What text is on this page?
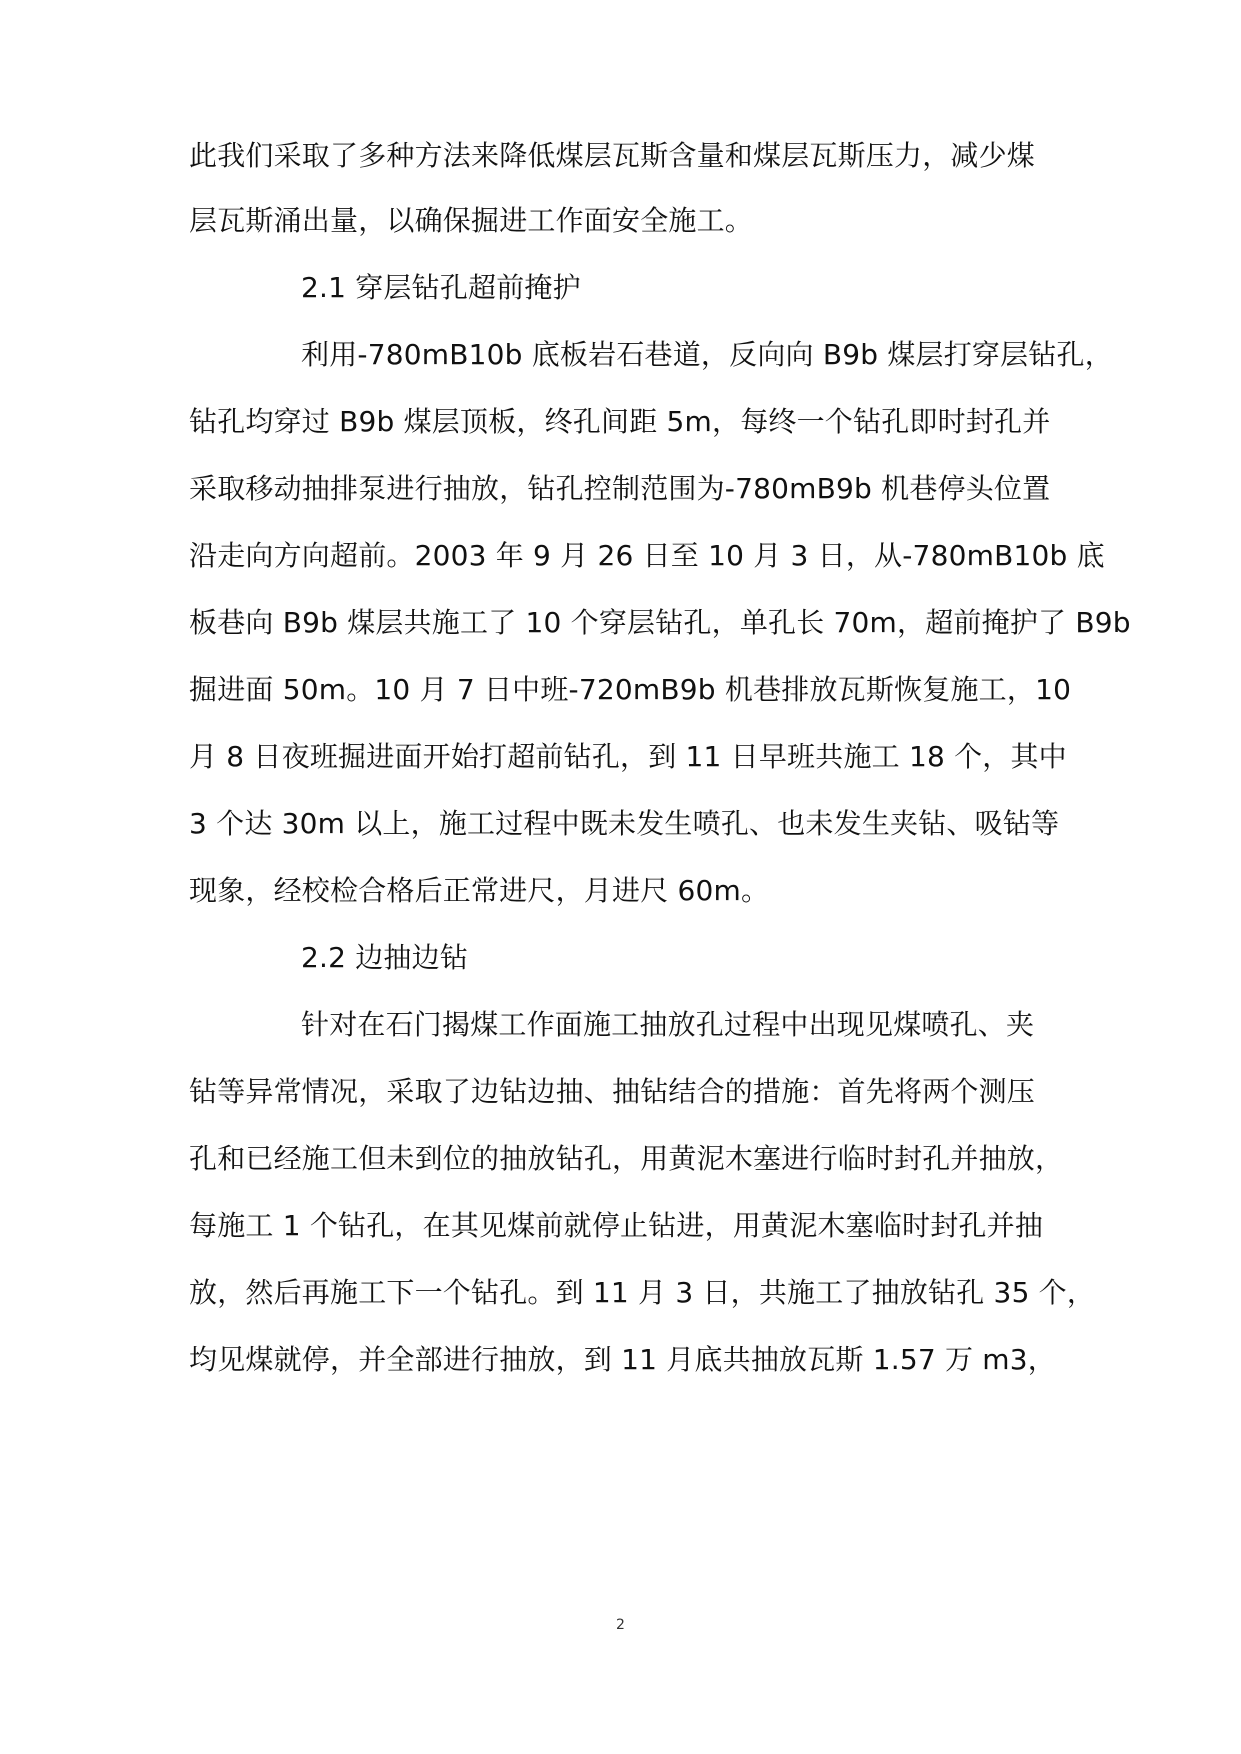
此我们采取了多种方法来降低煤层瓦斯含量和煤层瓦斯压力，减少煤
层瓦斯涌出量，以确保掘进工作面安全施工。
2.1 穿层钻孔超前掩护
利用-780mB10b 底板岩石巷道，反向向 B9b 煤层打穿层钻孔，
钻孔均穿过 B9b 煤层顶板，终孔间距 5m，每终一个钻孔即时封孔并
采取移动抽排泵进行抽放，钻孔控制范围为-780mB9b 机巷停头位置
沿走向方向超前。2003 年 9 月 26 日至 10 月 3 日，从-780mB10b 底
板巷向 B9b 煤层共施工了 10 个穿层钻孔，单孔长 70m，超前掩护了 B9b
掘进面 50m。10 月 7 日中班-720mB9b 机巷排放瓦斯恢复施工，10
月 8 日夜班掘进面开始打超前钻孔，到 11 日早班共施工 18 个，其中
3 个达 30m 以上，施工过程中既未发生喷孔、也未发生夹钻、吸钻等
现象，经校检合格后正常进尺，月进尺 60m。
2.2 边抽边钻
针对在石门揭煤工作面施工抽放孔过程中出现见煤喷孔、夹
钻等异常情况，采取了边钻边抽、抽钻结合的措施：首先将两个测压
孔和已经施工但未到位的抽放钻孔，用黄泥木塞进行临时封孔并抽放，
每施工 1 个钻孔，在其见煤前就停止钻进，用黄泥木塞临时封孔并抽
放，然后再施工下一个钻孔。到 11 月 3 日，共施工了抽放钻孔 35 个，
均见煤就停，并全部进行抽放，到 11 月底共抽放瓦斯 1.57 万 m3，
2
